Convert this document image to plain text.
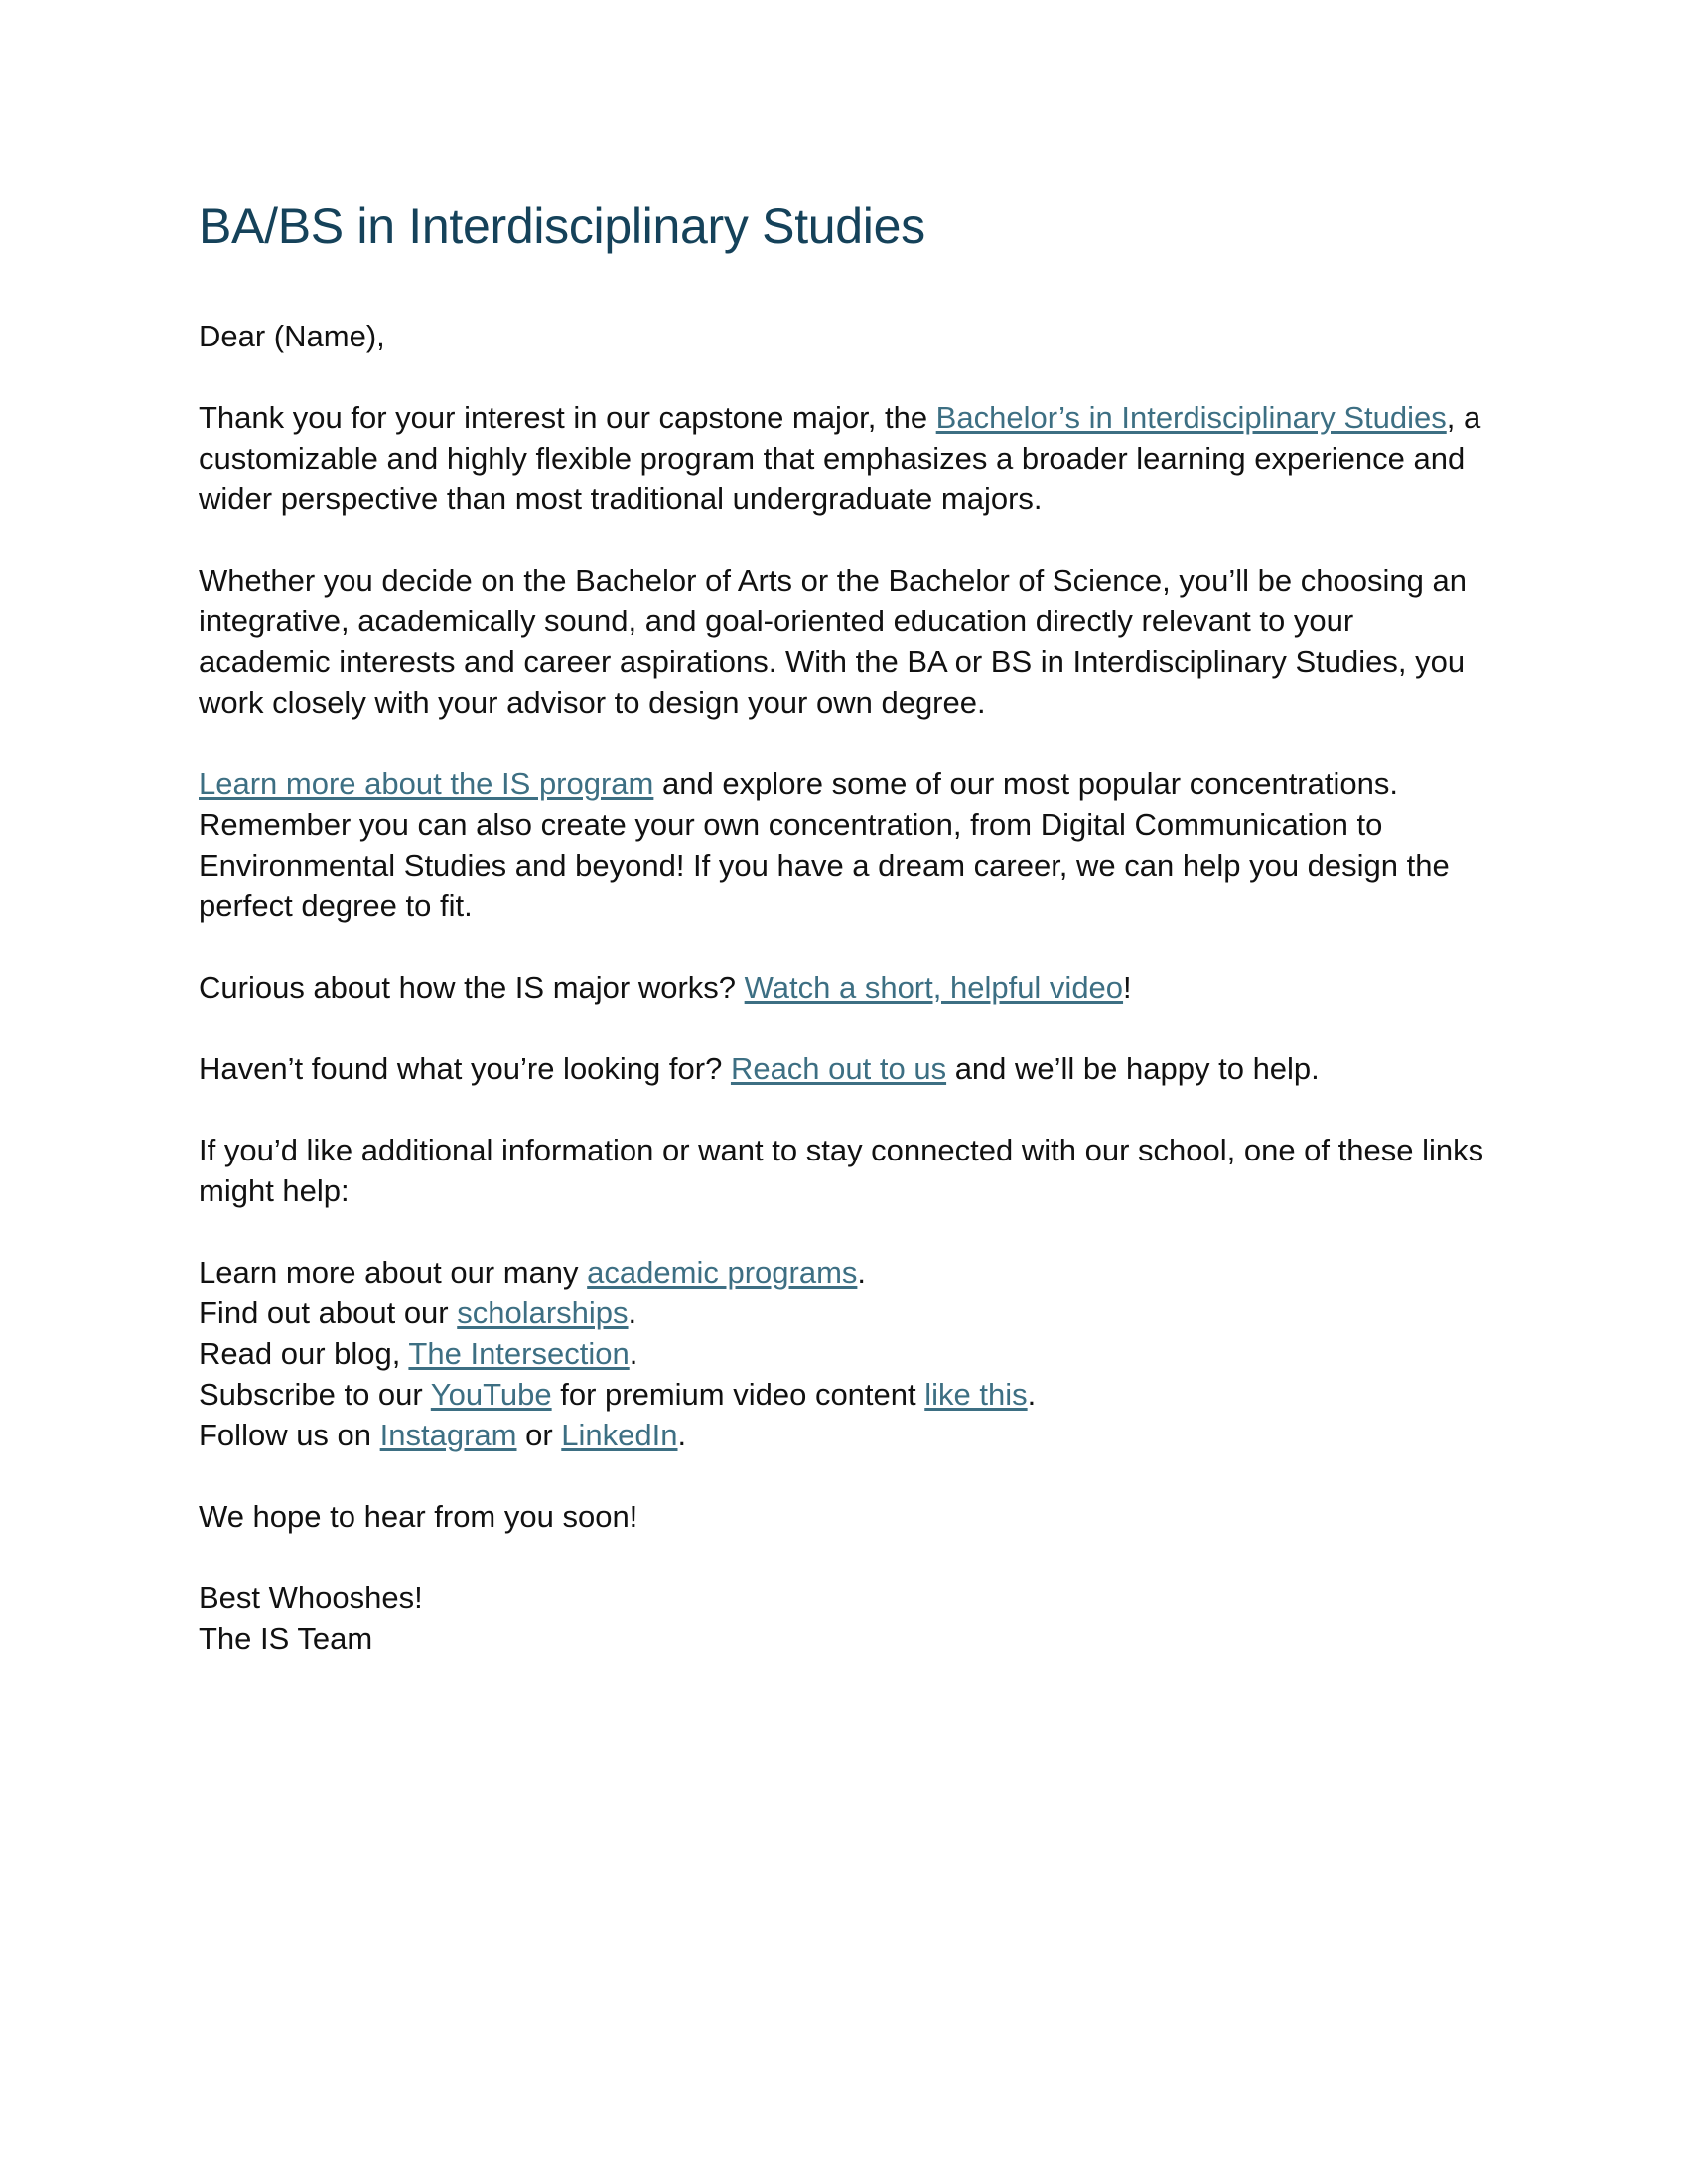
BA/BS in Interdisciplinary Studies

Dear (Name),

Thank you for your interest in our capstone major, the Bachelor’s in Interdisciplinary Studies, a customizable and highly flexible program that emphasizes a broader learning experience and wider perspective than most traditional undergraduate majors.

Whether you decide on the Bachelor of Arts or the Bachelor of Science, you’ll be choosing an integrative, academically sound, and goal-oriented education directly relevant to your academic interests and career aspirations. With the BA or BS in Interdisciplinary Studies, you work closely with your advisor to design your own degree.

Learn more about the IS program and explore some of our most popular concentrations. Remember you can also create your own concentration, from Digital Communication to Environmental Studies and beyond! If you have a dream career, we can help you design the perfect degree to fit.

Curious about how the IS major works? Watch a short, helpful video!

Haven’t found what you’re looking for? Reach out to us and we’ll be happy to help.

If you’d like additional information or want to stay connected with our school, one of these links might help:

Learn more about our many academic programs.

Find out about our scholarships.

Read our blog, The Intersection.

Subscribe to our YouTube for premium video content like this.

Follow us on Instagram or LinkedIn.

We hope to hear from you soon!

Best Whooshes!

The IS Team
